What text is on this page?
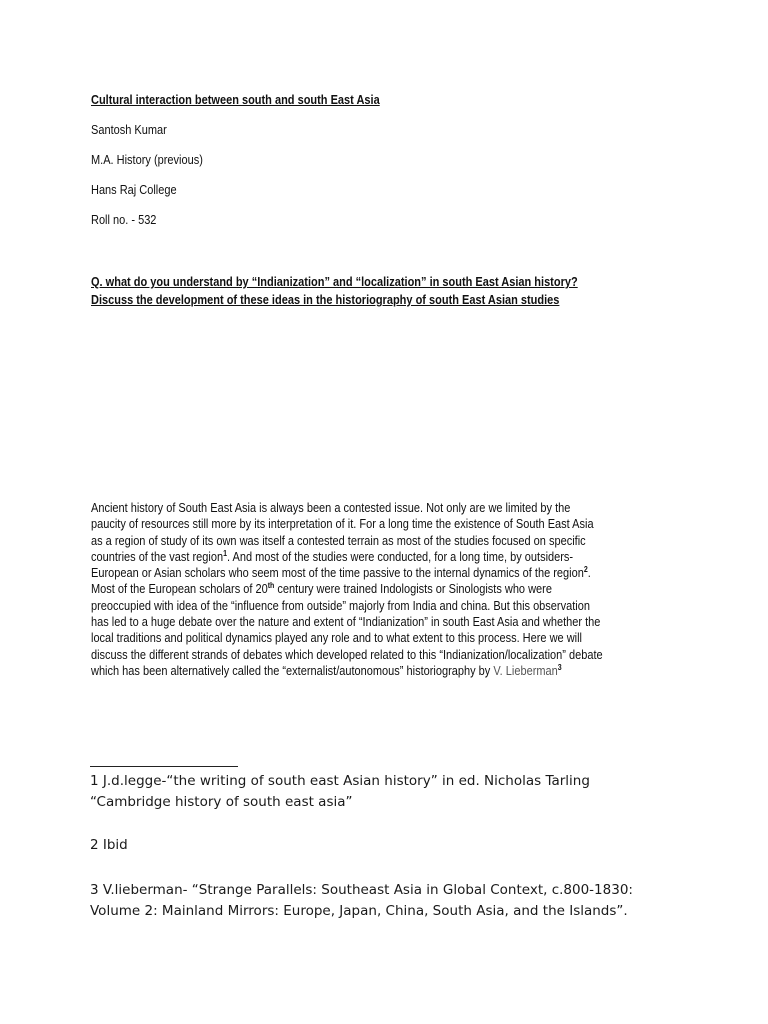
Cultural interaction between south and south East Asia
Santosh Kumar
M.A. History (previous)
Hans Raj College
Roll no. - 532
Q. what do you understand by “Indianization” and “localization” in south East Asian history?
Discuss the development of these ideas in the historiography of south East Asian studies
Ancient history of South East Asia is always been a contested issue. Not only are we limited by the
paucity of resources still more by its interpretation of it. For a long time the existence of South East Asia
as a region of study of its own was itself a contested terrain as most of the studies focused on specific
countries of the vast region$^1$. And most of the studies were conducted, for a long time, by outsiders-
European or Asian scholars who seem most of the time passive to the internal dynamics of the region$^2$.
Most of the European scholars of 20th century were trained Indologists or Sinologists who were
preoccupied with idea of the “influence from outside” majorly from India and china. But this observation
has led to a huge debate over the nature and extent of “Indianization” in south East Asia and whether the
local traditions and political dynamics played any role and to what extent to this process. Here we will
discuss the different strands of debates which developed related to this “Indianization/localization” debate
which has been alternatively called the “externalist/autonomous” historiography by V. Lieberman$^3$
1 J.d.legge-“the writing of south east Asian history” in ed. Nicholas Tarling
“Cambridge history of south east asia”
2 Ibid
3 V.lieberman- “Strange Parallels: Southeast Asia in Global Context, c.800-1830:
Volume 2: Mainland Mirrors: Europe, Japan, China, South Asia, and the Islands”.
